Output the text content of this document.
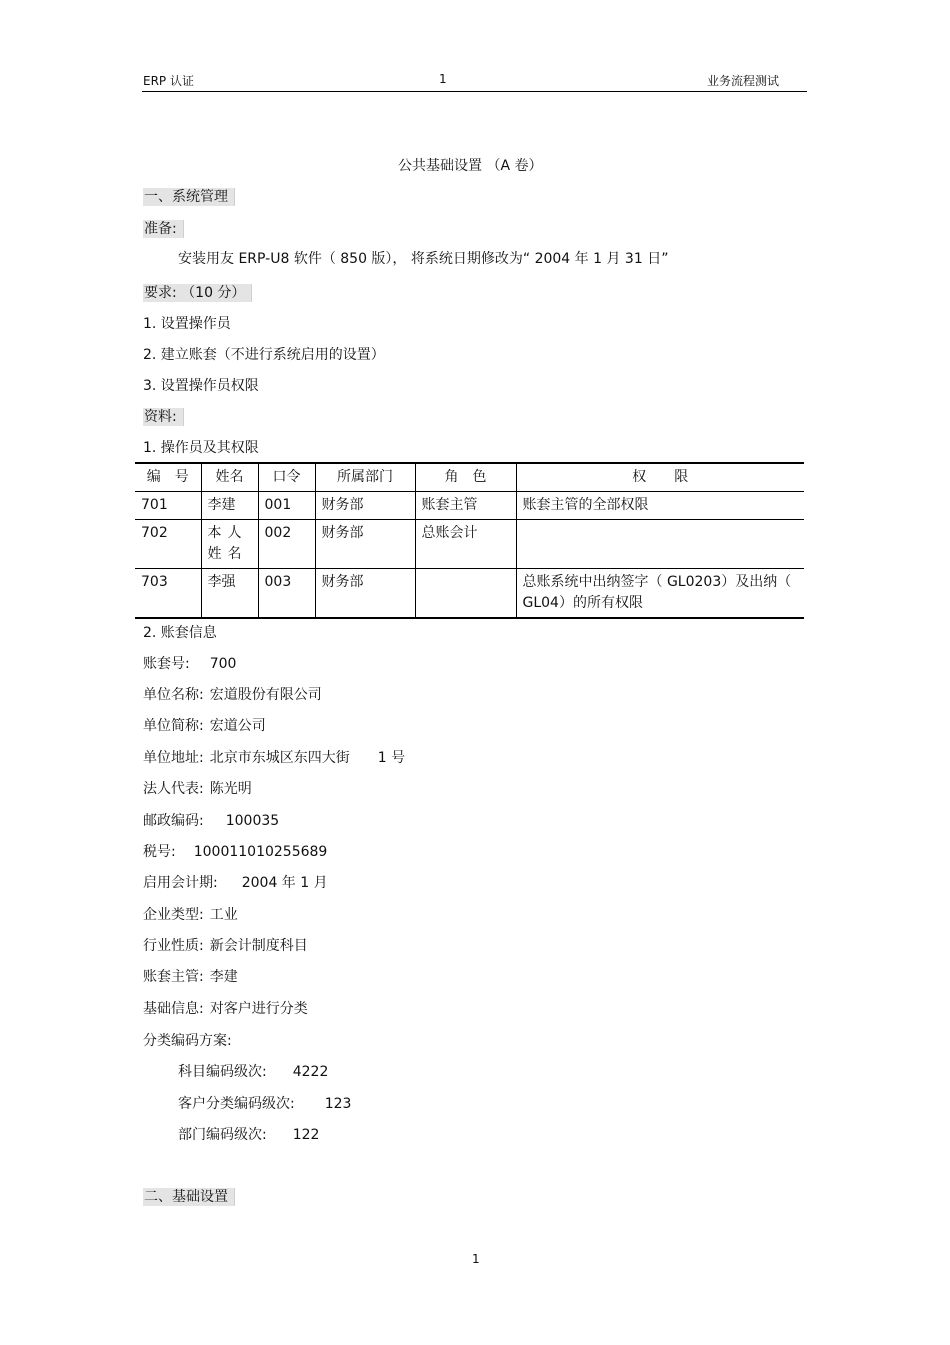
ERP 认证	1	业务流程测试
公共基础设置 （A 卷）
一、系统管理
准备:
安装用友 ERP-U8 软件（ 850 版）， 将系统日期修改为“ 2004 年 1 月 31 日”
要求: （10 分）
1. 设置操作员
2. 建立账套（不进行系统启用的设置）
3. 设置操作员权限
资料:
1. 操作员及其权限
编　号	姓名	口令	所属部门	角　色	权　　限
701	李建	001	财务部	账套主管	账套主管的全部权限
702	本人姓名	002	财务部	总账会计	
703	李强	003	财务部		总账系统中出纳签字（ GL0203）及出纳（ GL04）的所有权限
2. 账套信息
账套号: 700
单位名称: 宏道股份有限公司
单位简称: 宏道公司
单位地址: 北京市东城区东四大街　　1 号
法人代表: 陈光明
邮政编码: 100035
税号: 100011010255689
启用会计期: 2004 年 1 月
企业类型: 工业
行业性质: 新会计制度科目
账套主管: 李建
基础信息: 对客户进行分类
分类编码方案:
科目编码级次: 4222
客户分类编码级次: 123
部门编码级次: 122
二、基础设置
1
